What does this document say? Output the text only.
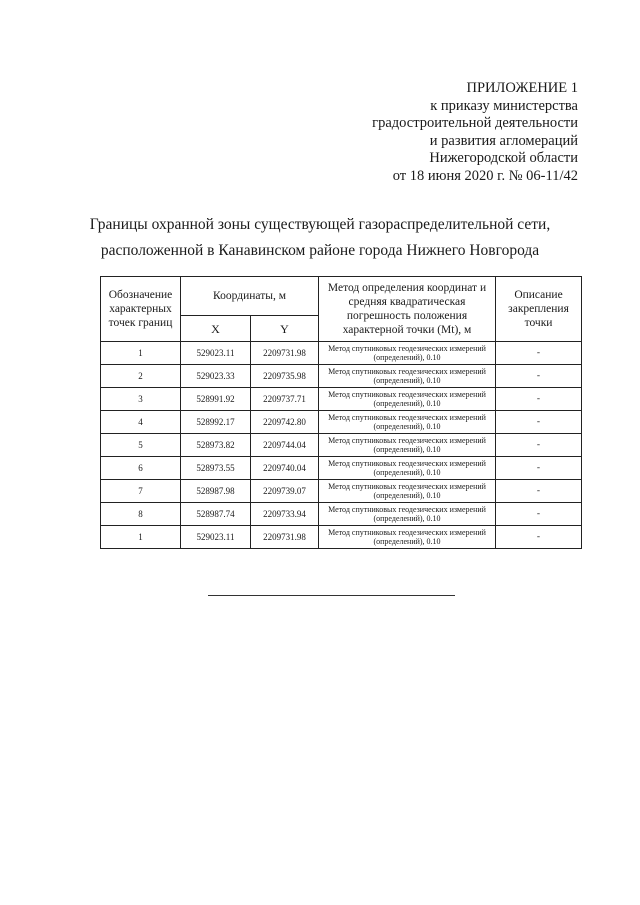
ПРИЛОЖЕНИЕ 1
к приказу министерства
градостроительной деятельности
и развития агломераций
Нижегородской области
от 18 июня 2020 г. № 06-11/42
Границы охранной зоны существующей газораспределительной сети,
расположенной в Канавинском районе города Нижнего Новгорода
Обозначение характерных точек границ	Координаты, м		Метод определения координат и средняя квадратическая погрешность положения характерной точки (Mt), м	Описание закрепления точки
	X	Y		
1	529023.11	2209731.98	Метод спутниковых геодезических измерений (определений), 0.10	-
2	529023.33	2209735.98	Метод спутниковых геодезических измерений (определений), 0.10	-
3	528991.92	2209737.71	Метод спутниковых геодезических измерений (определений), 0.10	-
4	528992.17	2209742.80	Метод спутниковых геодезических измерений (определений), 0.10	-
5	528973.82	2209744.04	Метод спутниковых геодезических измерений (определений), 0.10	-
6	528973.55	2209740.04	Метод спутниковых геодезических измерений (определений), 0.10	-
7	528987.98	2209739.07	Метод спутниковых геодезических измерений (определений), 0.10	-
8	528987.74	2209733.94	Метод спутниковых геодезических измерений (определений), 0.10	-
1	529023.11	2209731.98	Метод спутниковых геодезических измерений (определений), 0.10	-
